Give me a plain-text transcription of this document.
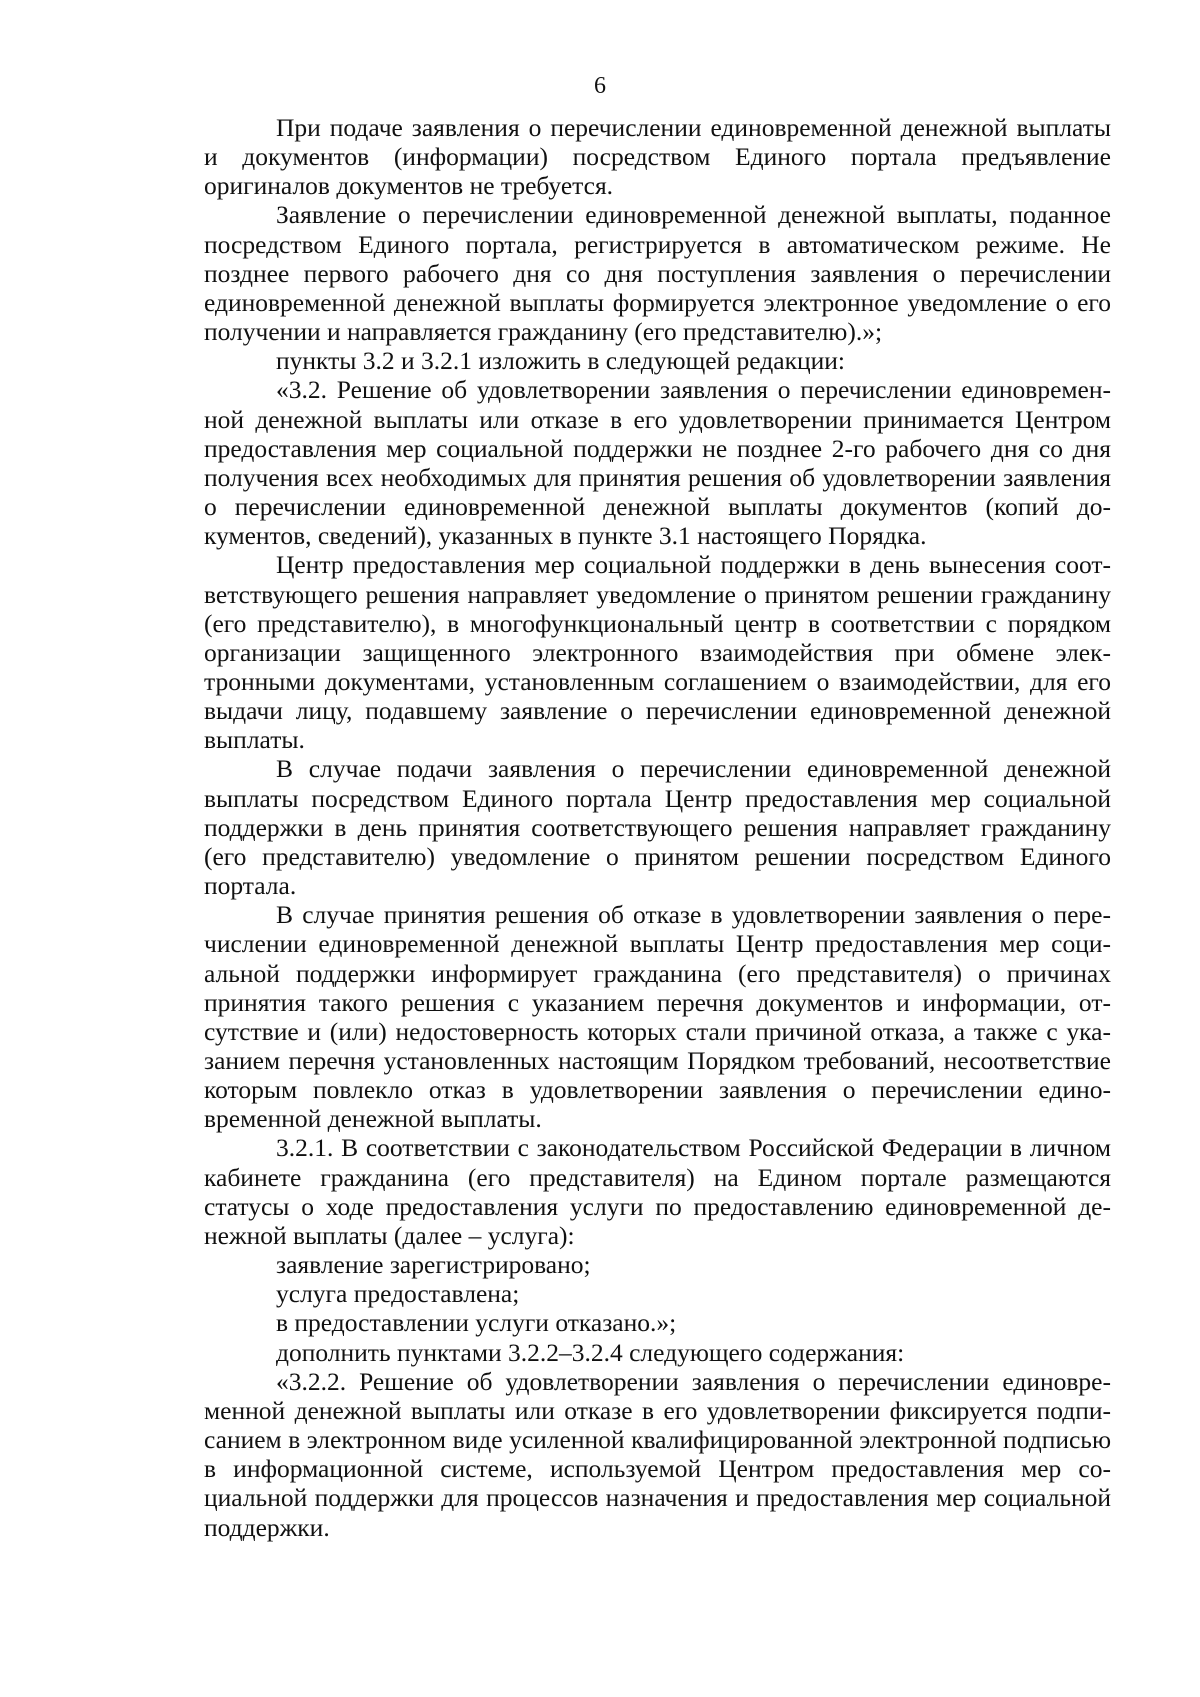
6

При подаче заявления о перечислении единовременной денежной выплаты и документов (информации) посредством Единого портала предъявление оригиналов документов не требуется.

Заявление о перечислении единовременной денежной выплаты, поданное посредством Единого портала, регистрируется в автоматическом режиме. Не позднее первого рабочего дня со дня поступления заявления о перечислении единовременной денежной выплаты формируется электронное уведомление о его получении и направляется гражданину (его представителю).»;

пункты 3.2 и 3.2.1 изложить в следующей редакции:

«3.2. Решение об удовлетворении заявления о перечислении единовременной денежной выплаты или отказе в его удовлетворении принимается Центром предоставления мер социальной поддержки не позднее 2-го рабочего дня со дня получения всех необходимых для принятия решения об удовлетворении заявления о перечислении единовременной денежной выплаты документов (копий документов, сведений), указанных в пункте 3.1 настоящего Порядка.

Центр предоставления мер социальной поддержки в день вынесения соответствующего решения направляет уведомление о принятом решении гражданину (его представителю), в многофункциональный центр в соответствии с порядком организации защищенного электронного взаимодействия при обмене электронными документами, установленным соглашением о взаимодействии, для его выдачи лицу, подавшему заявление о перечислении единовременной денежной выплаты.

В случае подачи заявления о перечислении единовременной денежной выплаты посредством Единого портала Центр предоставления мер социальной поддержки в день принятия соответствующего решения направляет гражданину (его представителю) уведомление о принятом решении посредством Единого портала.

В случае принятия решения об отказе в удовлетворении заявления о перечислении единовременной денежной выплаты Центр предоставления мер социальной поддержки информирует гражданина (его представителя) о причинах принятия такого решения с указанием перечня документов и информации, отсутствие и (или) недостоверность которых стали причиной отказа, а также с указанием перечня установленных настоящим Порядком требований, несоответствие которым повлекло отказ в удовлетворении заявления о перечислении единовременной денежной выплаты.

3.2.1. В соответствии с законодательством Российской Федерации в личном кабинете гражданина (его представителя) на Едином портале размещаются статусы о ходе предоставления услуги по предоставлению единовременной денежной выплаты (далее – услуга):

заявление зарегистрировано;

услуга предоставлена;

в предоставлении услуги отказано.»;

дополнить пунктами 3.2.2–3.2.4 следующего содержания:

«3.2.2. Решение об удовлетворении заявления о перечислении единовременной денежной выплаты или отказе в его удовлетворении фиксируется подписанием в электронном виде усиленной квалифицированной электронной подписью в информационной системе, используемой Центром предоставления мер социальной поддержки для процессов назначения и предоставления мер социальной поддержки.
